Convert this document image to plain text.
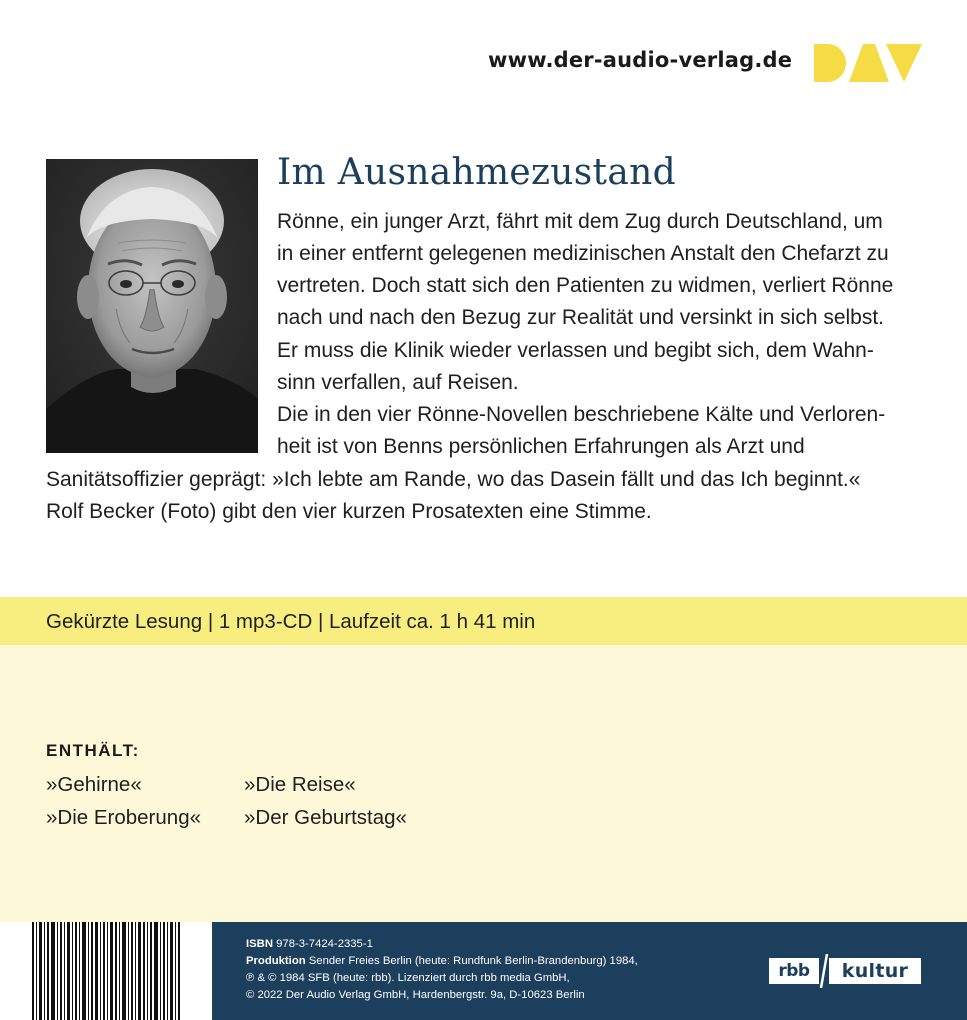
www.der-audio-verlag.de
Im Ausnahmezustand
Rönne, ein junger Arzt, fährt mit dem Zug durch Deutschland, um
in einer entfernt gelegenen medizinischen Anstalt den Chefarzt zu
vertreten. Doch statt sich den Patienten zu widmen, verliert Rönne
nach und nach den Bezug zur Realität und versinkt in sich selbst.
Er muss die Klinik wieder verlassen und begibt sich, dem Wahn-
sinn verfallen, auf Reisen.
Die in den vier Rönne-Novellen beschriebene Kälte und Verloren-
heit ist von Benns persönlichen Erfahrungen als Arzt und
Sanitätsoffizier geprägt: »Ich lebte am Rande, wo das Dasein fällt und das Ich beginnt.«
Rolf Becker (Foto) gibt den vier kurzen Prosatexten eine Stimme.
Gekürzte Lesung | 1 mp3-CD | Laufzeit ca. 1 h 41 min
ENTHÄLT:
»Gehirne«	»Die Reise«
»Die Eroberung« »Der Geburtstag«
ISBN 978-3-7424-2335-1
Produktion Sender Freies Berlin (heute: Rundfunk Berlin-Brandenburg) 1984,
℗ & © 1984 SFB (heute: rbb). Lizenziert durch rbb media GmbH,
© 2022 Der Audio Verlag GmbH, Hardenbergstr. 9a, D-10623 Berlin
rbb kultur
